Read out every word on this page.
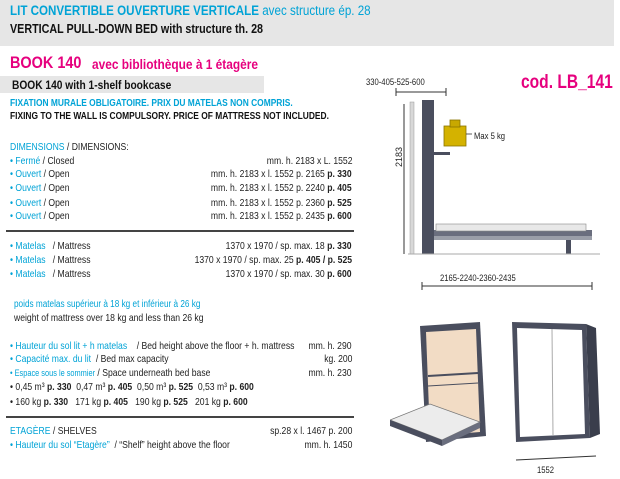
LIT CONVERTIBLE OUVERTURE VERTICALE avec structure ép. 28
VERTICAL PULL-DOWN BED with structure th. 28
BOOK 140 avec bibliothèque à 1 étagère
BOOK 140 with 1-shelf bookcase	cod. LB_141
FIXATION MURALE OBLIGATOIRE. PRIX DU MATELAS NON COMPRIS.
FIXING TO THE WALL IS COMPULSORY. PRICE OF MATTRESS NOT INCLUDED.
DIMENSIONS / DIMENSIONS:
• Fermé / Closed	mm. h. 2183 x L. 1552
• Ouvert / Open	mm. h. 2183 x l. 1552 p. 2165 p. 330
• Ouvert / Open	mm. h. 2183 x l. 1552 p. 2240 p. 405
• Ouvert / Open	mm. h. 2183 x l. 1552 p. 2360 p. 525
• Ouvert / Open	mm. h. 2183 x l. 1552 p. 2435 p. 600
• Matelas / Mattress	1370 x 1970 / sp. max. 18 p. 330
• Matelas / Mattress	1370 x 1970 / sp. max. 25 p. 405 / p. 525
• Matelas / Mattress	1370 x 1970 / sp. max. 30 p. 600
poids matelas supérieur à 18 kg et inférieur à 26 kg
weight of mattress over 18 kg and less than 26 kg
• Hauteur du sol lit + h matelas / Bed height above the floor + h. mattress mm. h. 290
• Capacité max. du lit / Bed max capacity	kg. 200
• Espace sous le sommier / Space underneath bed base	mm. h. 230
• 0,45 m³ p. 330 0,47 m³ p. 405 0,50 m³ p. 525 0,53 m³ p. 600
• 160 kg p. 330 171 kg p. 405 190 kg p. 525 201 kg p. 600
ETAGÈRE / SHELVES	sp.28 x l. 1467 p. 200
• Hauteur du sol “Etagère” / “Shelf” height above the floor	mm. h. 1450
330-405-525-600
2183
Max 5 kg
2165-2240-2360-2435
1552
